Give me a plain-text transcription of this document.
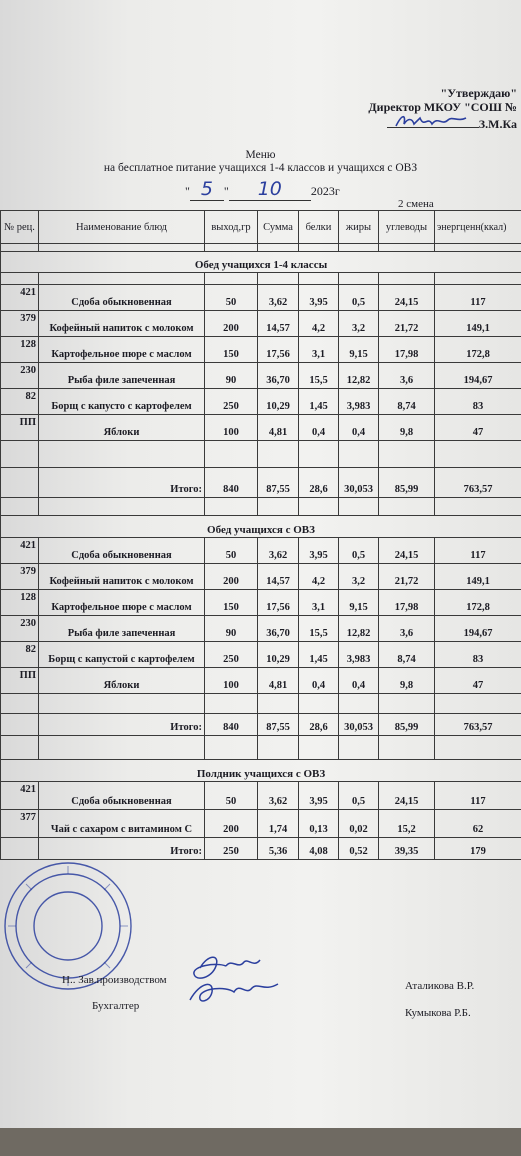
"Утверждаю"
Директор МКОУ "СОШ №
З.М.Ка
Меню
на бесплатное питание учащихся 1-4 классов и учащихся с ОВЗ
" 5 " 10 2023г
2 смена
№ рец.	Наименование блюд	выход,гр	Сумма	белки	жиры	углеводы	энергценн(ккал)

Обед учащихся 1-4 классы							

421	Сдоба обыкновенная	50	3,62	3,95	0,5	24,15	117
379	Кофейный напиток с молоком	200	14,57	4,2	3,2	21,72	149,1
128	Картофельное пюре с маслом	150	17,56	3,1	9,15	17,98	172,8
230	Рыба филе запеченная	90	36,70	15,5	12,82	3,6	194,67
82	Борщ с капусто с картофелем	250	10,29	1,45	3,983	8,74	83
ПП	Яблоки	100	4,81	0,4	0,4	9,8	47

	Итого:	840	87,55	28,6	30,053	85,99	763,57

Обед учащихся с ОВЗ							
421	Сдоба обыкновенная	50	3,62	3,95	0,5	24,15	117
379	Кофейный напиток с молоком	200	14,57	4,2	3,2	21,72	149,1
128	Картофельное пюре с маслом	150	17,56	3,1	9,15	17,98	172,8
230	Рыба филе запеченная	90	36,70	15,5	12,82	3,6	194,67
82	Борщ с капустой с картофелем	250	10,29	1,45	3,983	8,74	83
ПП	Яблоки	100	4,81	0,4	0,4	9,8	47

	Итого:	840	87,55	28,6	30,053	85,99	763,57

Полдник учащихся с ОВЗ							
421	Сдоба обыкновенная	50	3,62	3,95	0,5	24,15	117
377	Чай с сахаром с витамином С	200	1,74	0,13	0,02	15,2	62
	Итого:	250	5,36	4,08	0,52	39,35	179
Н.. Зав.производством	Аталикова В.Р.
Бухгалтер
Кумыкова Р.Б.
